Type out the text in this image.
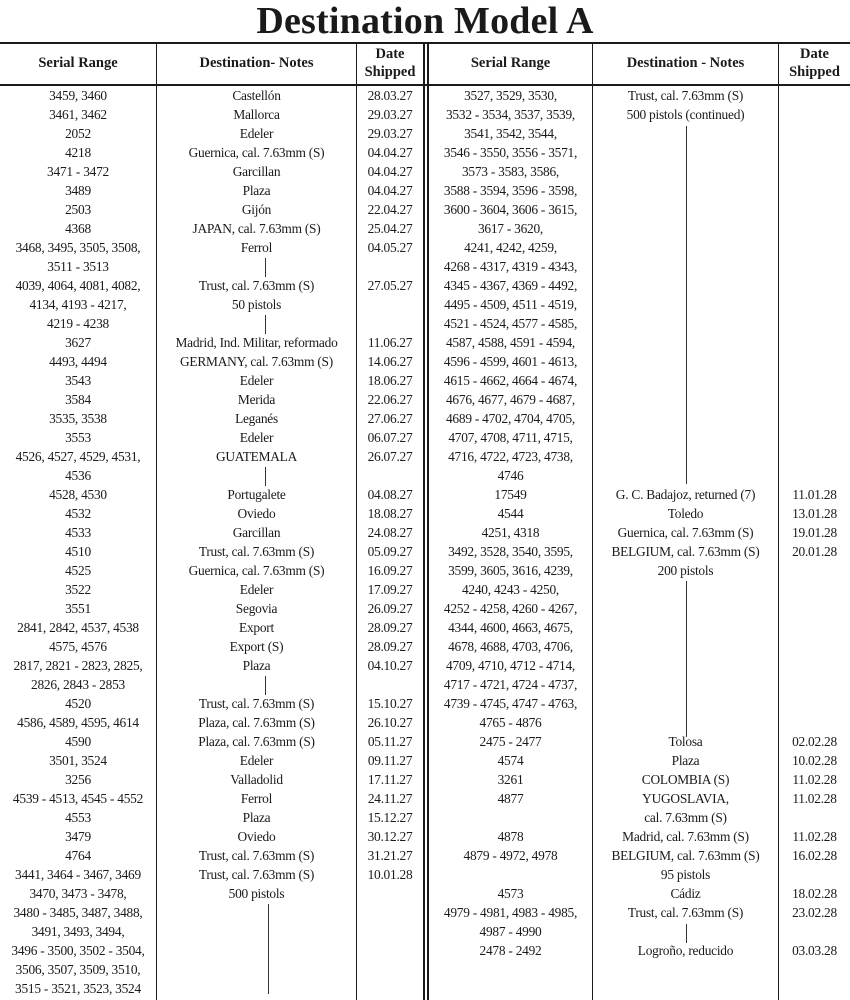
Destination Model A
Serial Range	Destination- Notes
Date
Shipped
Serial Range	Destination - Notes
Date
Shipped
3459, 3460	Castellón	28.03.27
3461, 3462	Mallorca	29.03.27
2052	Edeler	29.03.27
4218	Guernica, cal. 7.63mm (S)	04.04.27
3471 - 3472	Garcillan	04.04.27
3489	Plaza	04.04.27
2503	Gijón	22.04.27
4368	JAPAN, cal. 7.63mm (S)	25.04.27
3468, 3495, 3505, 3508,	Ferrol	04.05.27
3511 - 3513
4039, 4064, 4081, 4082,	Trust, cal. 7.63mm (S)	27.05.27
4134, 4193 - 4217,	50 pistols
4219 - 4238
3627	Madrid, Ind. Militar, reformado	11.06.27
4493, 4494	GERMANY, cal. 7.63mm (S)	14.06.27
3543	Edeler	18.06.27
3584	Merida	22.06.27
3535, 3538	Leganés	27.06.27
3553	Edeler	06.07.27
4526, 4527, 4529, 4531,	GUATEMALA	26.07.27
4536
4528, 4530	Portugalete	04.08.27
4532	Oviedo	18.08.27
4533	Garcillan	24.08.27
4510	Trust, cal. 7.63mm (S)	05.09.27
4525	Guernica, cal. 7.63mm (S)	16.09.27
3522	Edeler	17.09.27
3551	Segovia	26.09.27
2841, 2842, 4537, 4538	Export	28.09.27
4575, 4576	Export (S)	28.09.27
2817, 2821 - 2823, 2825,	Plaza	04.10.27
2826, 2843 - 2853
4520	Trust, cal. 7.63mm (S)	15.10.27
4586, 4589, 4595, 4614	Plaza, cal. 7.63mm (S)	26.10.27
4590	Plaza, cal. 7.63mm (S)	05.11.27
3501, 3524	Edeler	09.11.27
3256	Valladolid	17.11.27
4539 - 4513, 4545 - 4552	Ferrol	24.11.27
4553	Plaza	15.12.27
3479	Oviedo	30.12.27
4764	Trust, cal. 7.63mm (S)	31.21.27
3441, 3464 - 3467, 3469	Trust, cal. 7.63mm (S)	10.01.28
3470, 3473 - 3478,	500 pistols
3480 - 3485, 3487, 3488,
3491, 3493, 3494,
3496 - 3500, 3502 - 3504,
3506, 3507, 3509, 3510,
3515 - 3521, 3523, 3524
3527, 3529, 3530,	Trust, cal. 7.63mm (S)
3532 - 3534, 3537, 3539,	500 pistols (continued)
3541, 3542, 3544,
3546 - 3550, 3556 - 3571,
3573 - 3583, 3586,
3588 - 3594, 3596 - 3598,
3600 - 3604, 3606 - 3615,
3617 - 3620,
4241, 4242, 4259,
4268 - 4317, 4319 - 4343,
4345 - 4367, 4369 - 4492,
4495 - 4509, 4511 - 4519,
4521 - 4524, 4577 - 4585,
4587, 4588, 4591 - 4594,
4596 - 4599, 4601 - 4613,
4615 - 4662, 4664 - 4674,
4676, 4677, 4679 - 4687,
4689 - 4702, 4704, 4705,
4707, 4708, 4711, 4715,
4716, 4722, 4723, 4738,
4746
17549	G. C. Badajoz, returned (7)	11.01.28
4544	Toledo	13.01.28
4251, 4318	Guernica, cal. 7.63mm (S)	19.01.28
3492, 3528, 3540, 3595,	BELGIUM, cal. 7.63mm (S)	20.01.28
3599, 3605, 3616, 4239,	200 pistols
4240, 4243 - 4250,
4252 - 4258, 4260 - 4267,
4344, 4600, 4663, 4675,
4678, 4688, 4703, 4706,
4709, 4710, 4712 - 4714,
4717 - 4721, 4724 - 4737,
4739 - 4745, 4747 - 4763,
4765 - 4876
2475 - 2477	Tolosa	02.02.28
4574	Plaza	10.02.28
3261	COLOMBIA (S)	11.02.28
4877	YUGOSLAVIA,	11.02.28
cal. 7.63mm (S)
4878	Madrid, cal. 7.63mm (S)	11.02.28
4879 - 4972, 4978	BELGIUM, cal. 7.63mm (S)	16.02.28
95 pistols
4573	Cádiz	18.02.28
4979 - 4981, 4983 - 4985,	Trust, cal. 7.63mm (S)	23.02.28
4987 - 4990
2478 - 2492	Logroño, reducido	03.03.28
